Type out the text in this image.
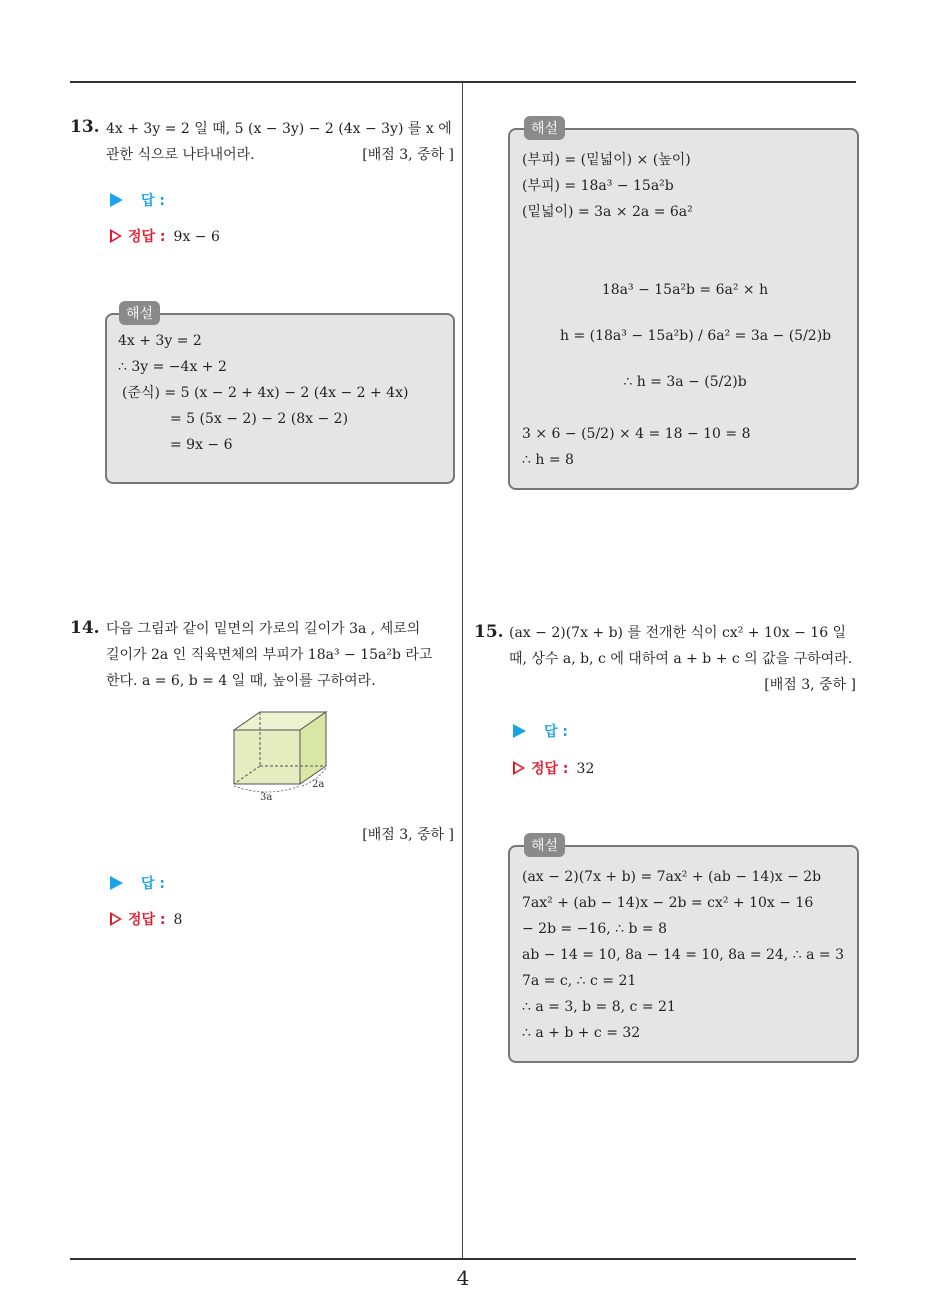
13. 4x + 3y = 2 일 때, 5 (x − 3y) − 2 (4x − 3y) 를 x 에
관한 식으로 나타내어라.	[배점 3, 중하 ]
답 :
정답 : 9x − 6
해설
4x + 3y = 2
∴ 3y = −4x + 2
(준식) = 5 (x − 2 + 4x) − 2 (4x − 2 + 4x)
= 5 (5x − 2) − 2 (8x − 2)
= 9x − 6
해설
(부피) = (밑넓이) × (높이)
(부피) = 18a³ − 15a²b
(밑넓이) = 3a × 2a = 6a²
18a³ − 15a²b = 6a² × h
h = (18a³ − 15a²b) / 6a² = 3a − (5/2)b
∴ h = 3a − (5/2)b
3 × 6 − (5/2) × 4 = 18 − 10 = 8
∴ h = 8
14. 다음 그림과 같이 밑면의 가로의 길이가 3a , 세로의
길이가 2a 인 직육면체의 부피가 18a³ − 15a²b 라고
한다. a = 6, b = 4 일 때, 높이를 구하여라.
3a
2a
[배점 3, 중하 ]
답 :
정답 : 8
15. (ax − 2)(7x + b) 를 전개한 식이 cx² + 10x − 16 일
때, 상수 a, b, c 에 대하여 a + b + c 의 값을 구하여라.
[배점 3, 중하 ]
답 :
정답 : 32
해설
(ax − 2)(7x + b) = 7ax² + (ab − 14)x − 2b
7ax² + (ab − 14)x − 2b = cx² + 10x − 16
− 2b = −16, ∴ b = 8
ab − 14 = 10, 8a − 14 = 10, 8a = 24, ∴ a = 3
7a = c, ∴ c = 21
∴ a = 3, b = 8, c = 21
∴ a + b + c = 32
4
